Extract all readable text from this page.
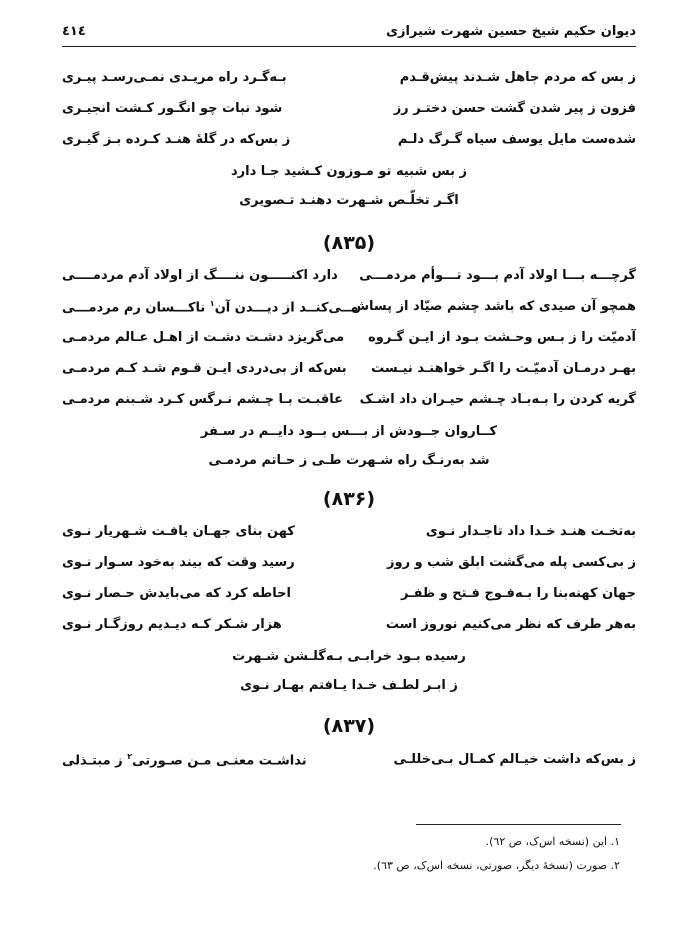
دیوان حکیم شیخ حسین شهرت شیرازی
٤١٤
ز بس که مردم جاهل شـدند پیش‌قـدم
بـه‌گـرد راه مریـدی نمـی‌رسـد پیـری
فزون ز پیر شدن گشت حسن دختـر رز
شود نبات چو انگـور کـشت انجیـری
شده‌ست مایل یوسف سیاه گـرگ دلـم
ز بس‌که در گلهٔ هنـد کـرده بـز گیـری
ز بس شبیه تو مـوزون کـشید جـا دارد
اگـر تخلّـص شـهرت دهنـد تـصویری
(۸۳۵)
گرچـــه بـــا اولاد آدم بـــود تـــوأم مردمـــی
دارد اکنـــــون ننــــگ از اولاد آدم مردمــــی
همچو آن صیدی که باشد چشم صیّاد از پساش
مــی‌کنــد از دیـــدن آن$^١$ ناکـــسان رم مردمـــی
آدمیّت را ز بـس وحـشت بـود از ایـن گـروه
می‌گریزد دشـت دشـت از اهـل عـالم مردمـی
بهـر درمـان آدمیّـت را اگـر خواهنـد نیـست
بس‌که از بی‌دردی ایـن قـوم شـد کـم مردمـی
گریه کردن را بـه‌بـاد چـشم حیـران داد اشـک
عاقبـت بـا چـشم نـرگس کـرد شـبنم مردمـی
کــاروان جــودش از بـــس بــود دایــم در سـفر
شد به‌رنـگ راه شـهرت طـی ز حـاتم مردمـی
(۸۳۶)
به‌تخـت هنـد خـدا داد تاجـدار نـوی
کهن بنای جهـان یافـت شـهریار نـوی
ز بی‌کسی پله می‌گشت ابلق شب و روز
رسید وقت که بیند به‌خود سـوار نـوی
جهان کهنه‌بنا را بـه‌فـوج فـتح و ظفـر
احاطه کرد که می‌بایدش حـصار نـوی
به‌هر طرف که نظر می‌کنیم نوروز است
هزار شـکر کـه دیـدیم روزگـار نـوی
رسیده بـود خرابـی بـه‌گلـشن شـهرت
ز ابـر لطـف خـدا یـافتم بهـار نـوی
(۸۳۷)
ز بس‌که داشت خیـالم کمـال بـی‌خللـی
نداشـت معنـی مـن صـورتی$^٢$ ز مبتـذلی
١. این (نسخه اس‌ک، ص ٦٢).
٢. صورت (نسخهٔ دیگر، صورتی، نسخه اس‌ک، ص ٦٣).
